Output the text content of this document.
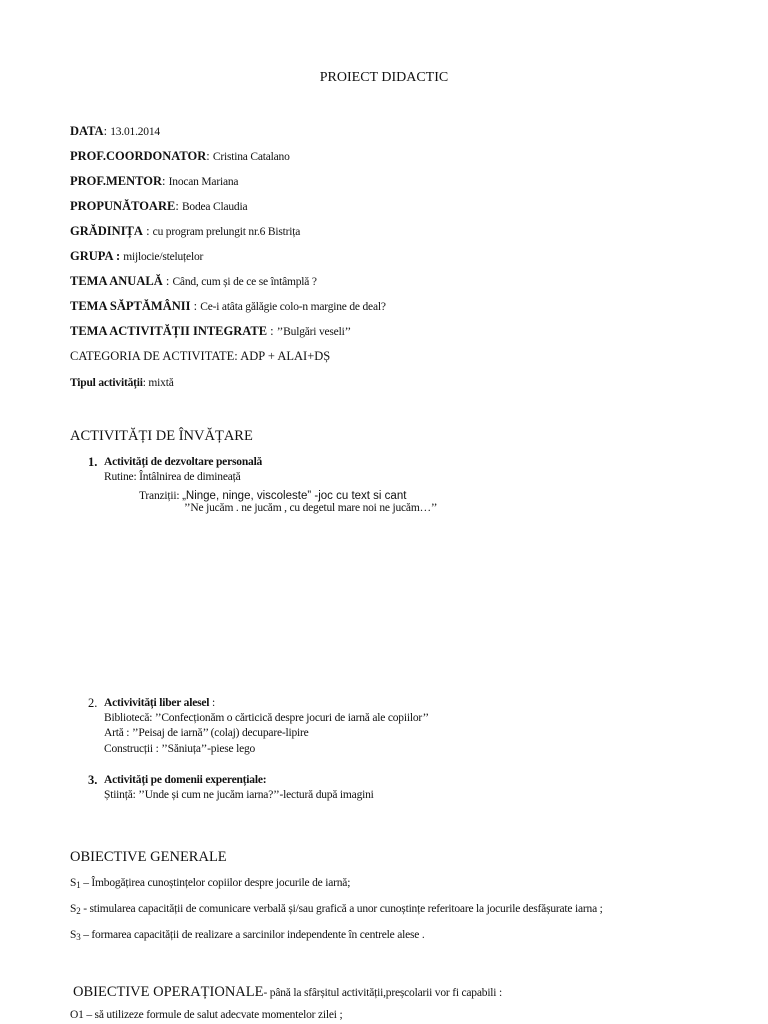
PROIECT DIDACTIC
DATA: 13.01.2014
PROF.COORDONATOR: Cristina Catalano
PROF.MENTOR: Inocan Mariana
PROPUNĂTOARE: Bodea Claudia
GRĂDINIȚA : cu program prelungit nr.6 Bistrița
GRUPA : mijlocie/steluțelor
TEMA ANUALĂ : Când, cum și de ce se întâmplă ?
TEMA SĂPTĂMÂNII : Ce-i atâta gălăgie colo-n margine de deal?
TEMA ACTIVITĂȚII INTEGRATE : ’’Bulgări veseli’’
CATEGORIA DE ACTIVITATE: ADP + ALAI+DȘ
Tipul activității: mixtă
ACTIVITĂȚI DE ÎNVĂȚARE
1. Activități de dezvoltare personală
Rutine: Întâlnirea de dimineață
Tranziții: „Ninge, ninge, viscoleste” -joc cu text si cant
’’Ne jucăm . ne jucăm , cu degetul mare noi ne jucăm…’’
2. Activivități liber alesel :
Bibliotecă: ’’Confecționăm o cărticică despre jocuri de iarnă ale copiilor’’
Artă : ’’Peisaj de iarnă’’ (colaj) decupare-lipire
Construcții : ’’Săniuța’’-piese lego
3. Activități pe domenii experențiale:
Știință: ’’Unde și cum ne jucăm iarna?’’-lectură după imagini
OBIECTIVE GENERALE
$S_1$ – Îmbogățirea cunoștințelor copiilor despre jocurile de iarnă;
$S_2$ - stimularea capacității de comunicare verbală și/sau grafică a unor cunoștințe referitoare la jocurile desfășurate iarna ;
$S_3$ – formarea capacității de realizare a sarcinilor independente în centrele alese .
OBIECTIVE OPERAȚIONALE- până la sfârșitul activității,preșcolarii vor fi capabili :
O1 – să utilizeze formule de salut adecvate momentelor zilei ;
